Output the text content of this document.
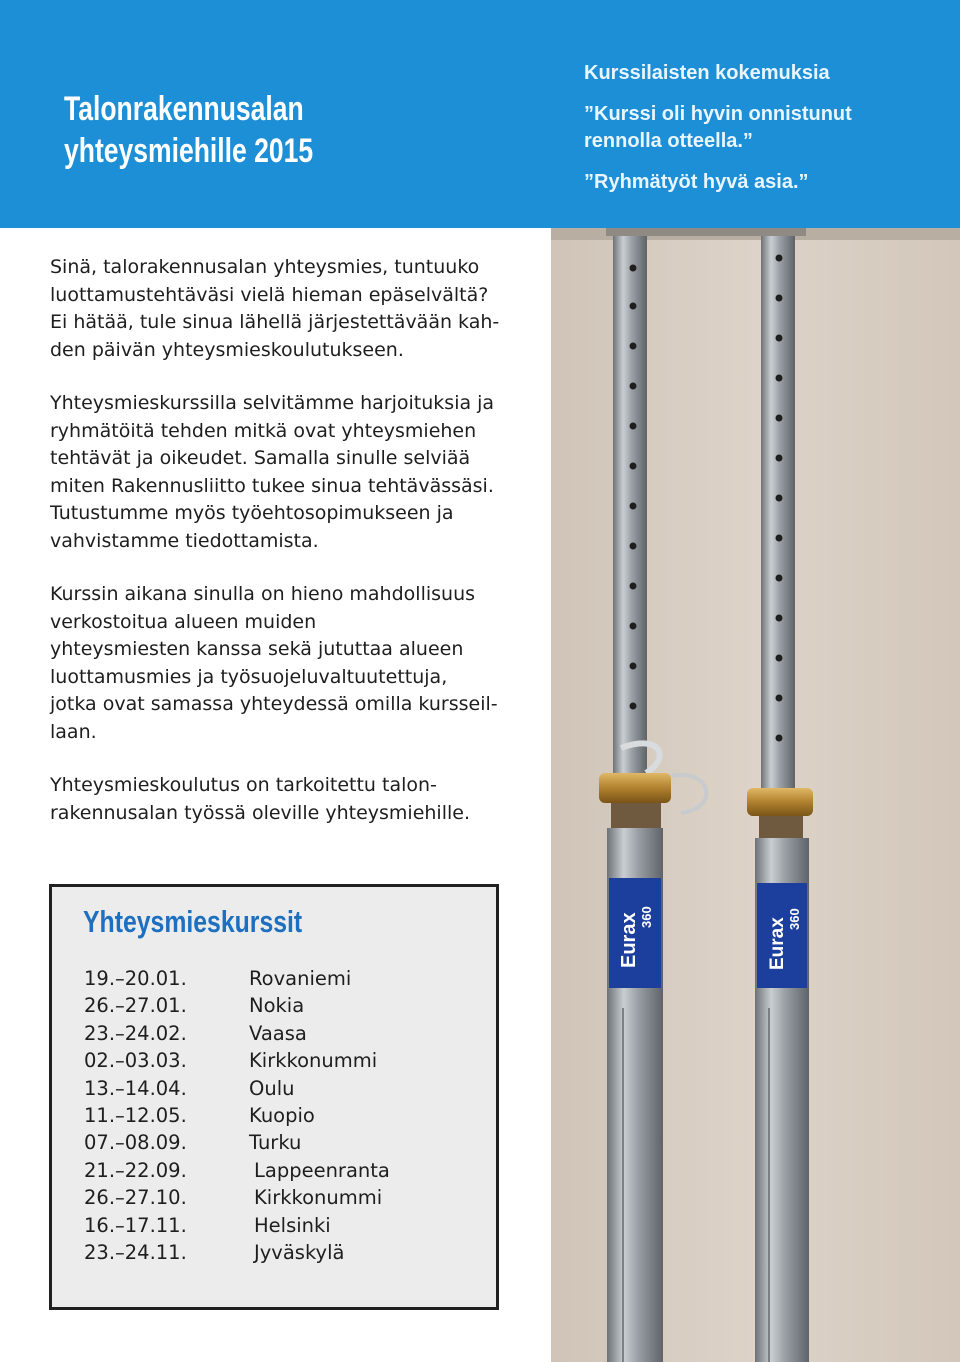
Talonrakennusalan
yhteysmiehille 2015
Kurssilaisten kokemuksia
”Kurssi oli hyvin onnistunut
rennolla otteella.”
”Ryhmätyöt hyvä asia.”
Eurax	Eurax
360	360

Sinä, talorakennusalan yhteysmies, tuntuuko
luottamustehtäväsi vielä hieman epäselvältä?
Ei hätää, tule sinua lähellä järjestettävään kah-
den päivän yhteysmieskoulutukseen.

Yhteysmieskurssilla selvitämme harjoituksia ja
ryhmätöitä tehden mitkä ovat yhteysmiehen
tehtävät ja oikeudet. Samalla sinulle selviää
miten Rakennusliitto tukee sinua tehtävässäsi.
Tutustumme myös työehtosopimukseen ja
vahvistamme tiedottamista.

Kurssin aikana sinulla on hieno mahdollisuus
verkostoitua alueen muiden
yhteysmiesten kanssa sekä jututtaa alueen
luottamusmies ja työsuojeluvaltuutettuja,
jotka ovat samassa yhteydessä omilla kursseil-
laan.

Yhteysmieskoulutus on tarkoitettu talon-
rakennusalan työssä oleville yhteysmiehille.

Yhteysmieskurssit
19.–20.01.	Rovaniemi
26.–27.01.	Nokia
23.–24.02.	Vaasa
02.–03.03.	Kirkkonummi
13.–14.04.	Oulu
11.–12.05.	Kuopio
07.–08.09.	Turku
21.–22.09.	Lappeenranta
26.–27.10.	Kirkkonummi
16.–17.11.	Helsinki
23.–24.11.	Jyväskylä
